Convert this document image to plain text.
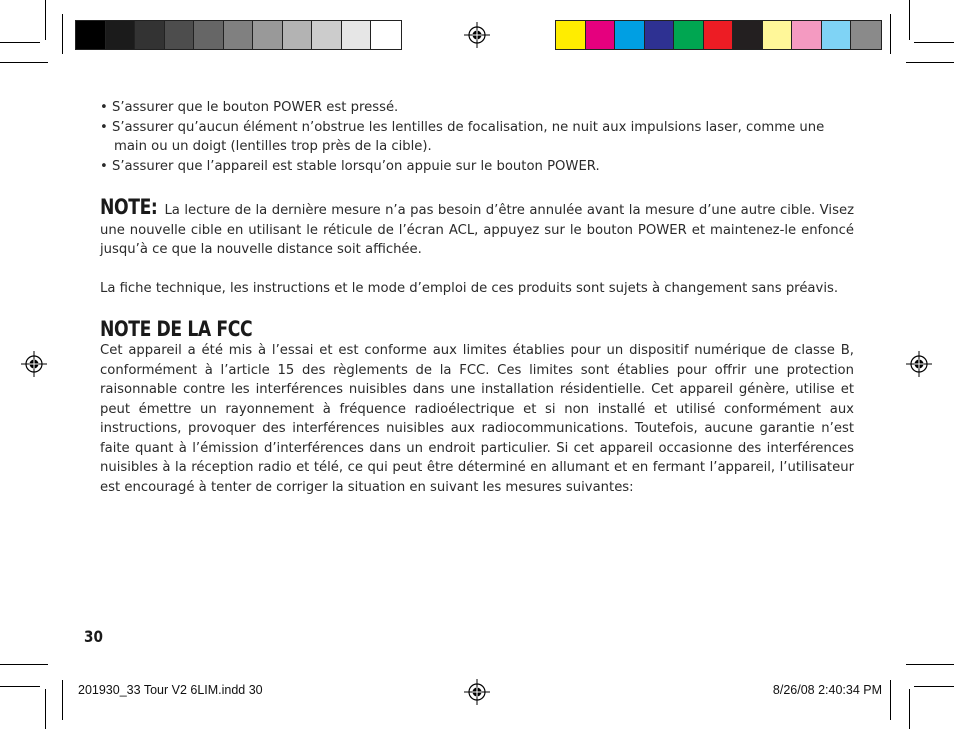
• S’assurer que le bouton POWER est pressé.
• S’assurer qu’aucun élément n’obstrue les lentilles de focalisation, ne nuit aux impulsions laser, comme une main ou un doigt (lentilles trop près de la cible).
• S’assurer que l’appareil est stable lorsqu’on appuie sur le bouton POWER.

NOTE: La lecture de la dernière mesure n’a pas besoin d’être annulée avant la mesure d’une autre cible. Visez une nouvelle cible en utilisant le réticule de l’écran ACL, appuyez sur le bouton POWER et maintenez-le enfoncé jusqu’à ce que la nouvelle distance soit affichée.

La fiche technique, les instructions et le mode d’emploi de ces produits sont sujets à changement sans préavis.

NOTE DE LA FCC

Cet appareil a été mis à l’essai et est conforme aux limites établies pour un dispositif numérique de classe B, conformément à l’article 15 des règlements de la FCC. Ces limites sont établies pour offrir une protection raisonnable contre les interférences nuisibles dans une installation résidentielle. Cet appareil génère, utilise et peut émettre un rayonnement à fréquence radioélectrique et si non installé et utilisé conformément aux instructions, provoquer des interférences nuisibles aux radiocommunications. Toutefois, aucune garantie n’est faite quant à l’émission d’interférences dans un endroit particulier. Si cet appareil occasionne des interférences nuisibles à la réception radio et télé, ce qui peut être déterminé en allumant et en fermant l’appareil, l’utilisateur est encouragé à tenter de corriger la situation en suivant les mesures suivantes:

30
201930_33 Tour V2 6LIM.indd 30	8/26/08 2:40:34 PM
